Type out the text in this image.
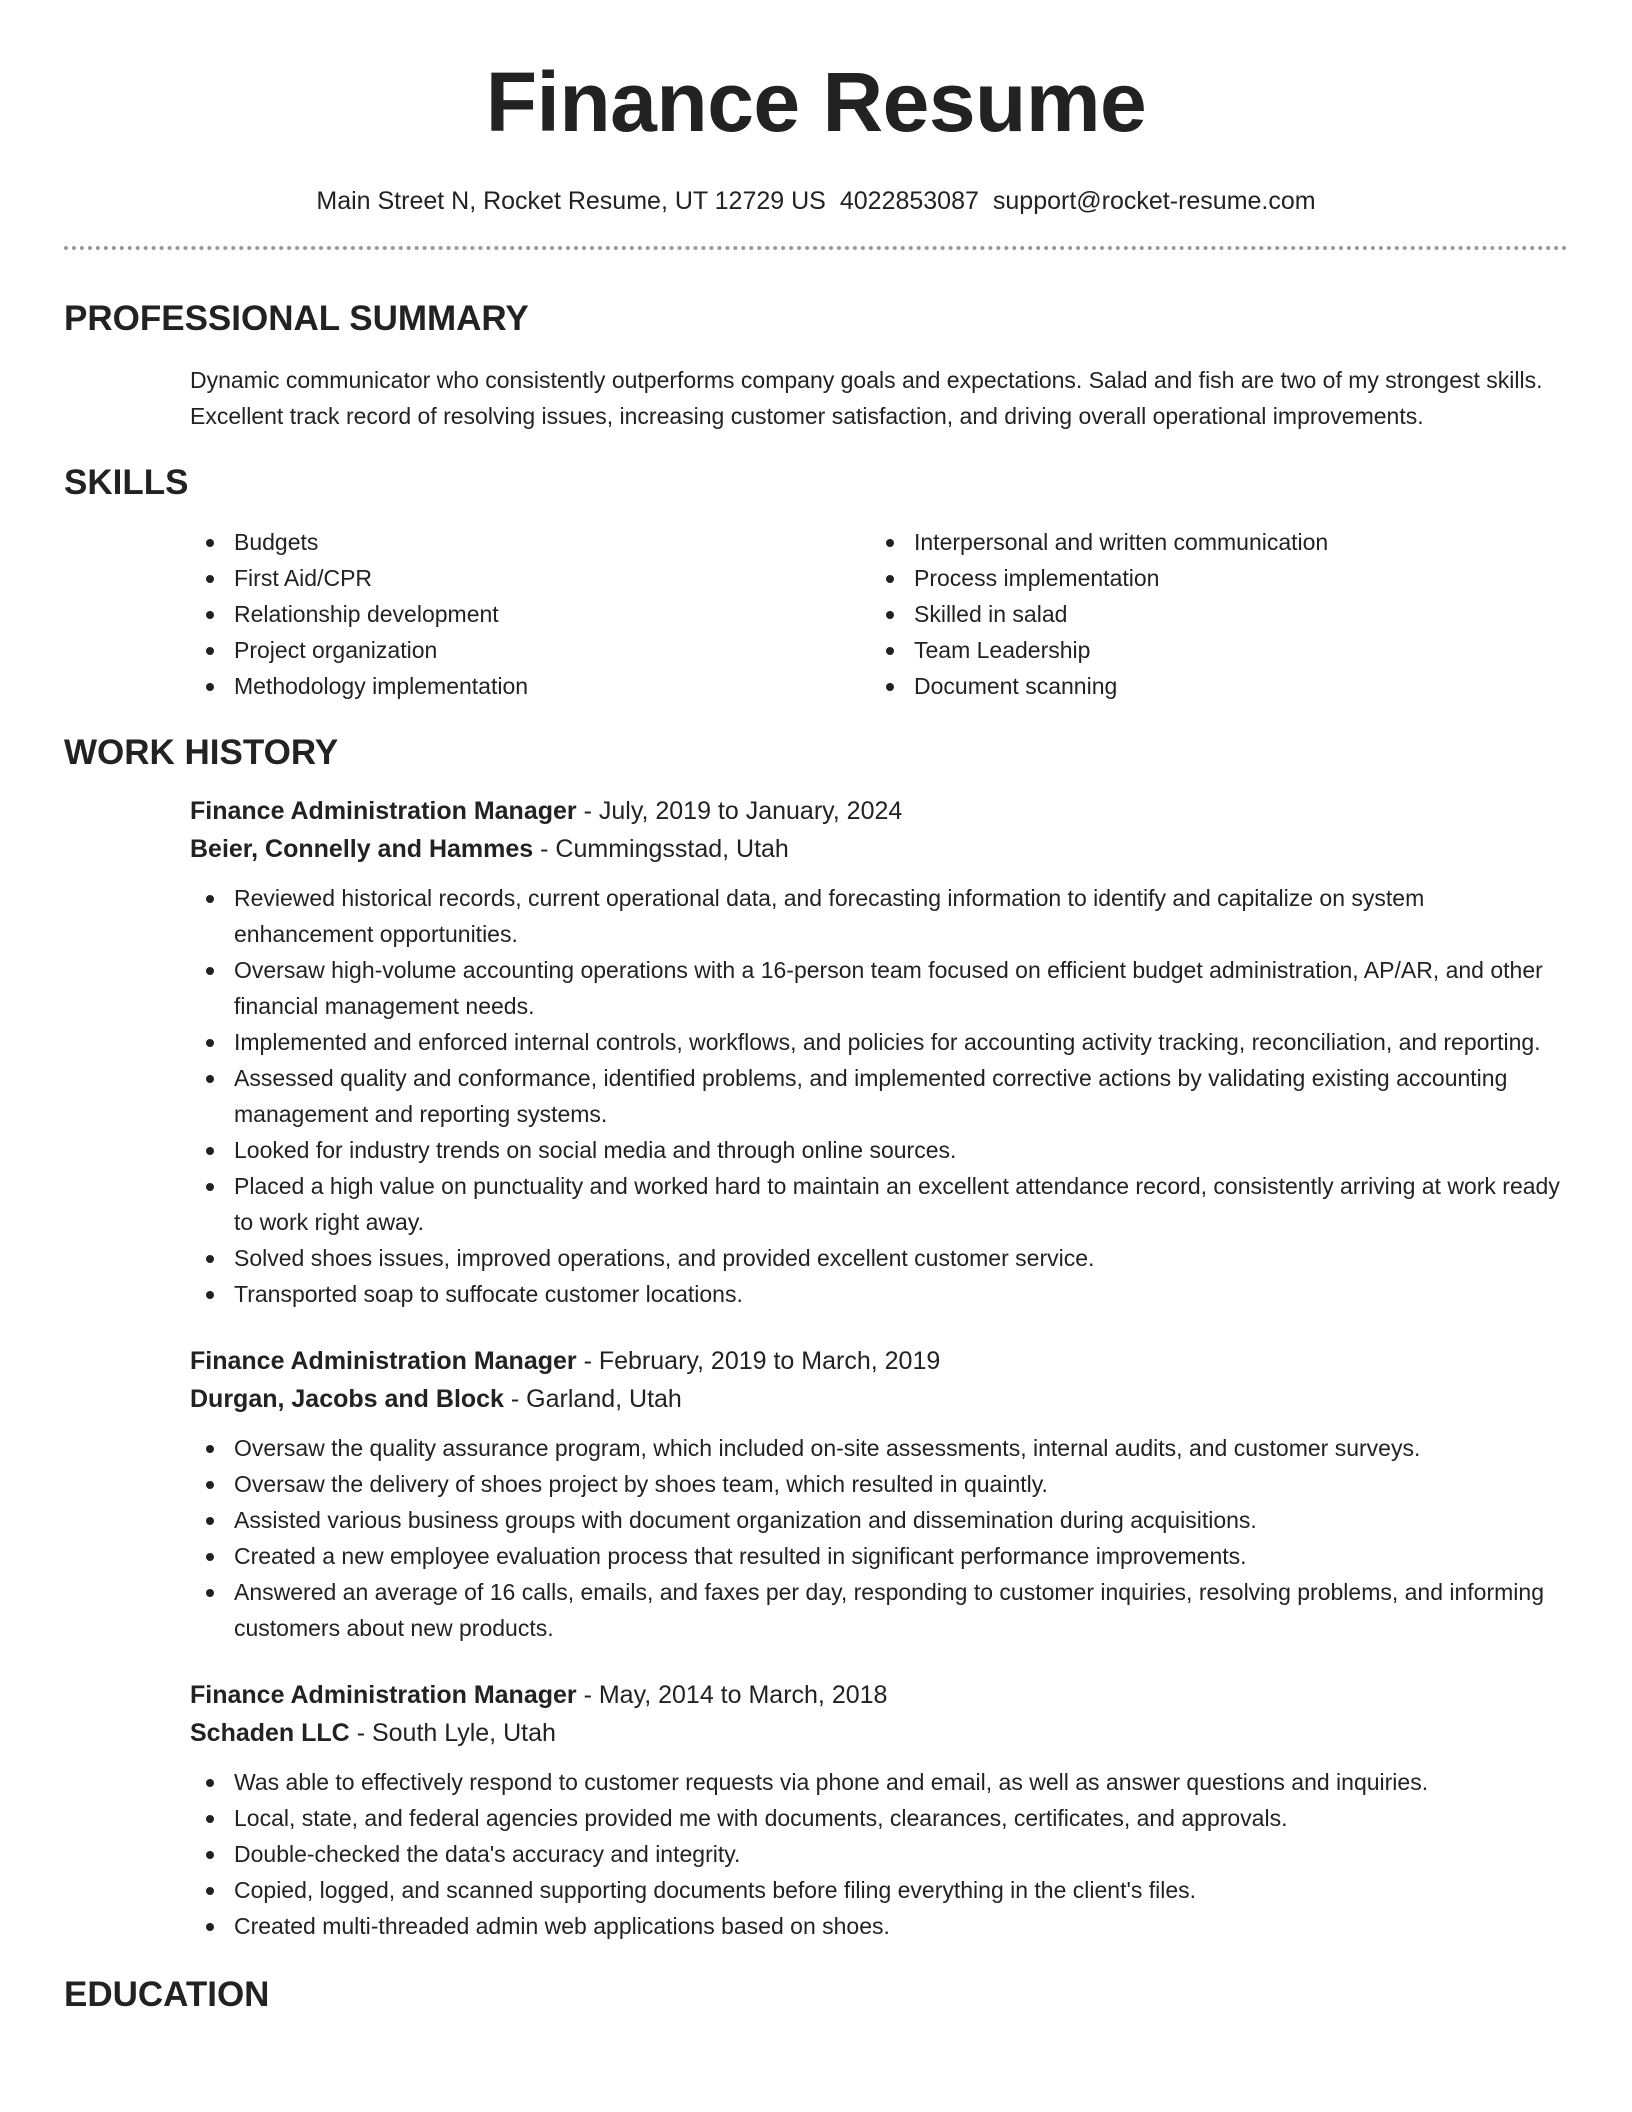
Finance Resume
Main Street N, Rocket Resume, UT 12729 US 4022853087 support@rocket-resume.com
PROFESSIONAL SUMMARY

Dynamic communicator who consistently outperforms company goals and expectations. Salad and fish are two of my strongest skills. Excellent track record of resolving issues, increasing customer satisfaction, and driving overall operational improvements.

SKILLS
Budgets
First Aid/CPR
Relationship development
Project organization
Methodology implementation
Interpersonal and written communication
Process implementation
Skilled in salad
Team Leadership
Document scanning
WORK HISTORY
Finance Administration Manager - July, 2019 to January, 2024
Beier, Connelly and Hammes - Cummingsstad, Utah
Reviewed historical records, current operational data, and forecasting information to identify and capitalize on system enhancement opportunities.
Oversaw high-volume accounting operations with a 16-person team focused on efficient budget administration, AP/AR, and other financial management needs.
Implemented and enforced internal controls, workflows, and policies for accounting activity tracking, reconciliation, and reporting.
Assessed quality and conformance, identified problems, and implemented corrective actions by validating existing accounting management and reporting systems.
Looked for industry trends on social media and through online sources.
Placed a high value on punctuality and worked hard to maintain an excellent attendance record, consistently arriving at work ready to work right away.
Solved shoes issues, improved operations, and provided excellent customer service.
Transported soap to suffocate customer locations.
Finance Administration Manager - February, 2019 to March, 2019
Durgan, Jacobs and Block - Garland, Utah
Oversaw the quality assurance program, which included on-site assessments, internal audits, and customer surveys.
Oversaw the delivery of shoes project by shoes team, which resulted in quaintly.
Assisted various business groups with document organization and dissemination during acquisitions.
Created a new employee evaluation process that resulted in significant performance improvements.
Answered an average of 16 calls, emails, and faxes per day, responding to customer inquiries, resolving problems, and informing customers about new products.
Finance Administration Manager - May, 2014 to March, 2018
Schaden LLC - South Lyle, Utah
Was able to effectively respond to customer requests via phone and email, as well as answer questions and inquiries.
Local, state, and federal agencies provided me with documents, clearances, certificates, and approvals.
Double-checked the data's accuracy and integrity.
Copied, logged, and scanned supporting documents before filing everything in the client's files.
Created multi-threaded admin web applications based on shoes.
EDUCATION
